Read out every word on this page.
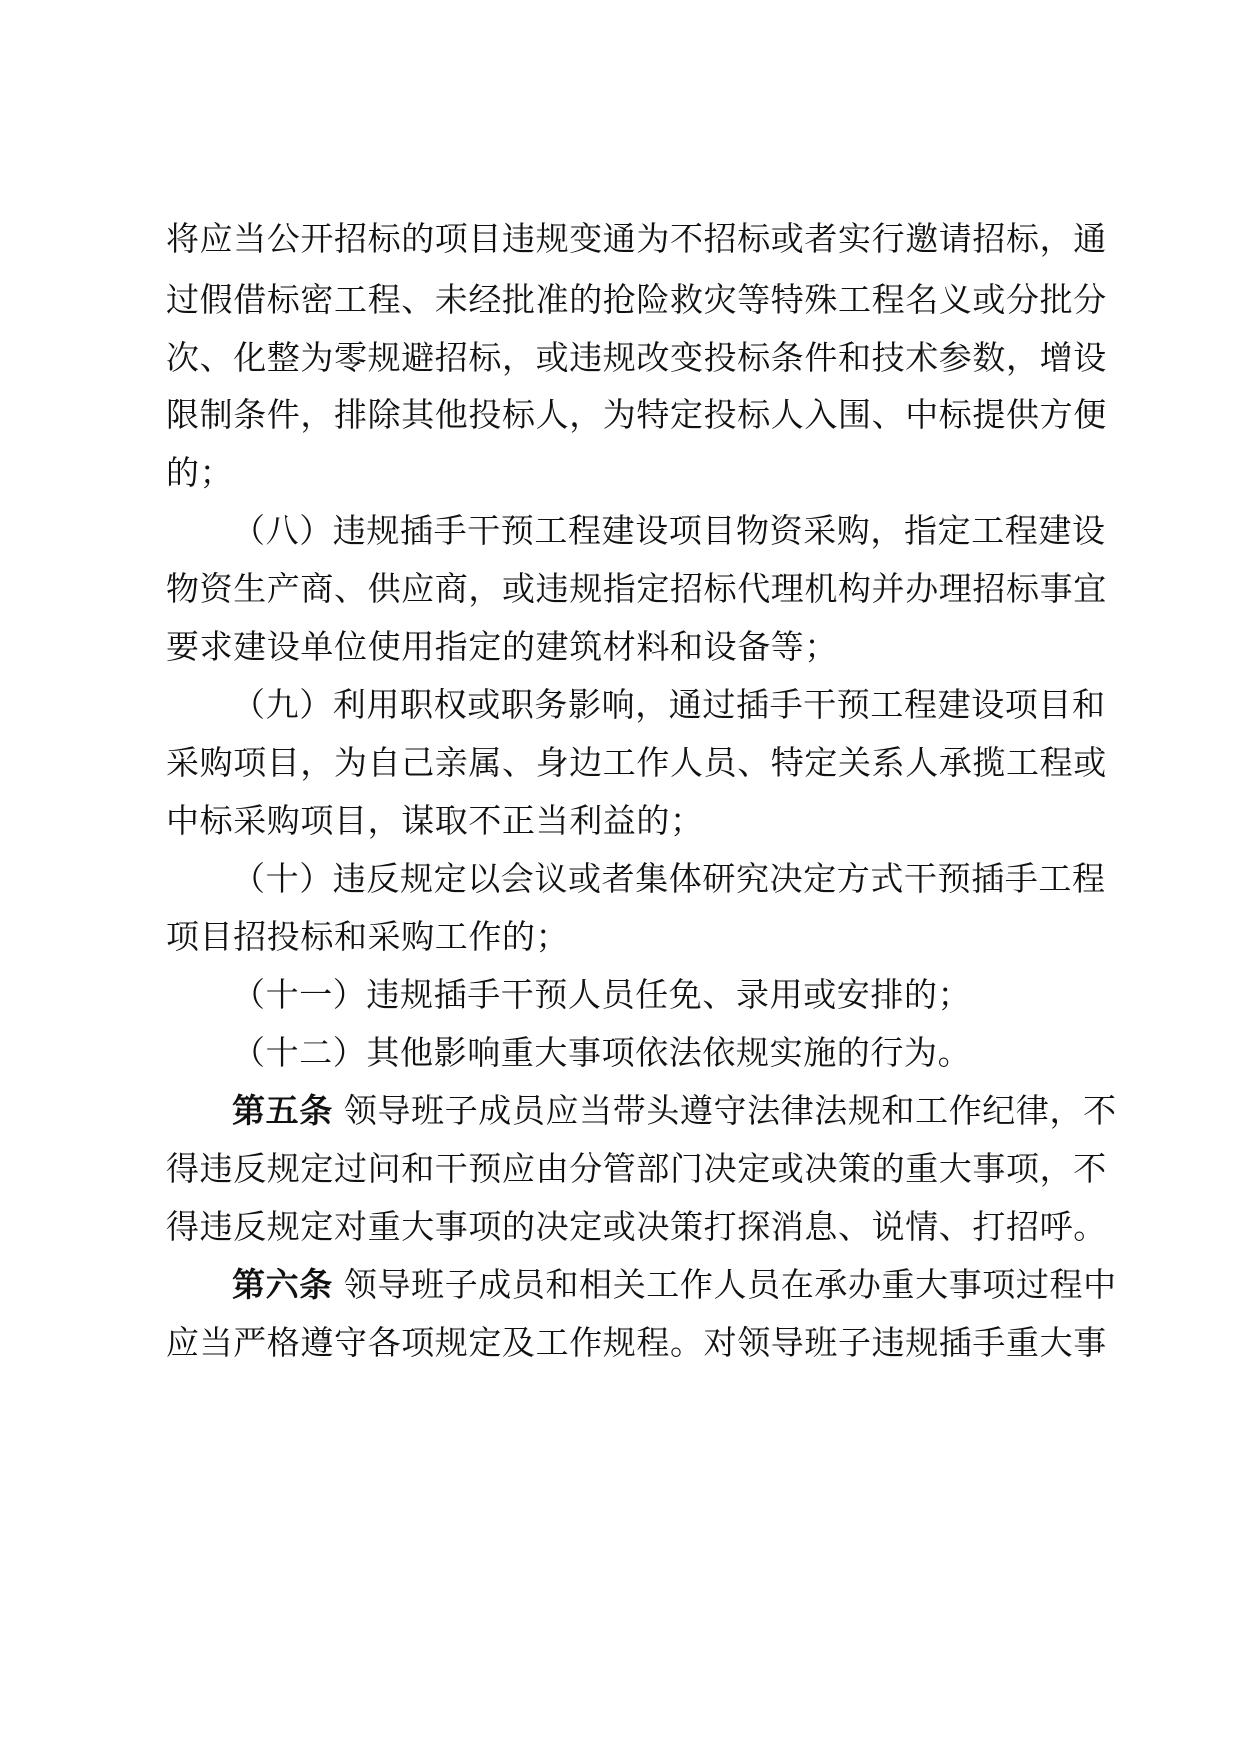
将应当公开招标的项目违规变通为不招标或者实行邀请招标，通
过假借标密工程、未经批准的抢险救灾等特殊工程名义或分批分
次、化整为零规避招标，或违规改变投标条件和技术参数，增设
限制条件，排除其他投标人，为特定投标人入围、中标提供方便
的；
（八）违规插手干预工程建设项目物资采购，指定工程建设
物资生产商、供应商，或违规指定招标代理机构并办理招标事宜
要求建设单位使用指定的建筑材料和设备等；
（九）利用职权或职务影响，通过插手干预工程建设项目和
采购项目，为自己亲属、身边工作人员、特定关系人承揽工程或
中标采购项目，谋取不正当利益的；
（十）违反规定以会议或者集体研究决定方式干预插手工程
项目招投标和采购工作的；
（十一）违规插手干预人员任免、录用或安排的；
（十二）其他影响重大事项依法依规实施的行为。
第五条 领导班子成员应当带头遵守法律法规和工作纪律，不
得违反规定过问和干预应由分管部门决定或决策的重大事项，不
得违反规定对重大事项的决定或决策打探消息、说情、打招呼。
第六条 领导班子成员和相关工作人员在承办重大事项过程中
应当严格遵守各项规定及工作规程。对领导班子违规插手重大事
